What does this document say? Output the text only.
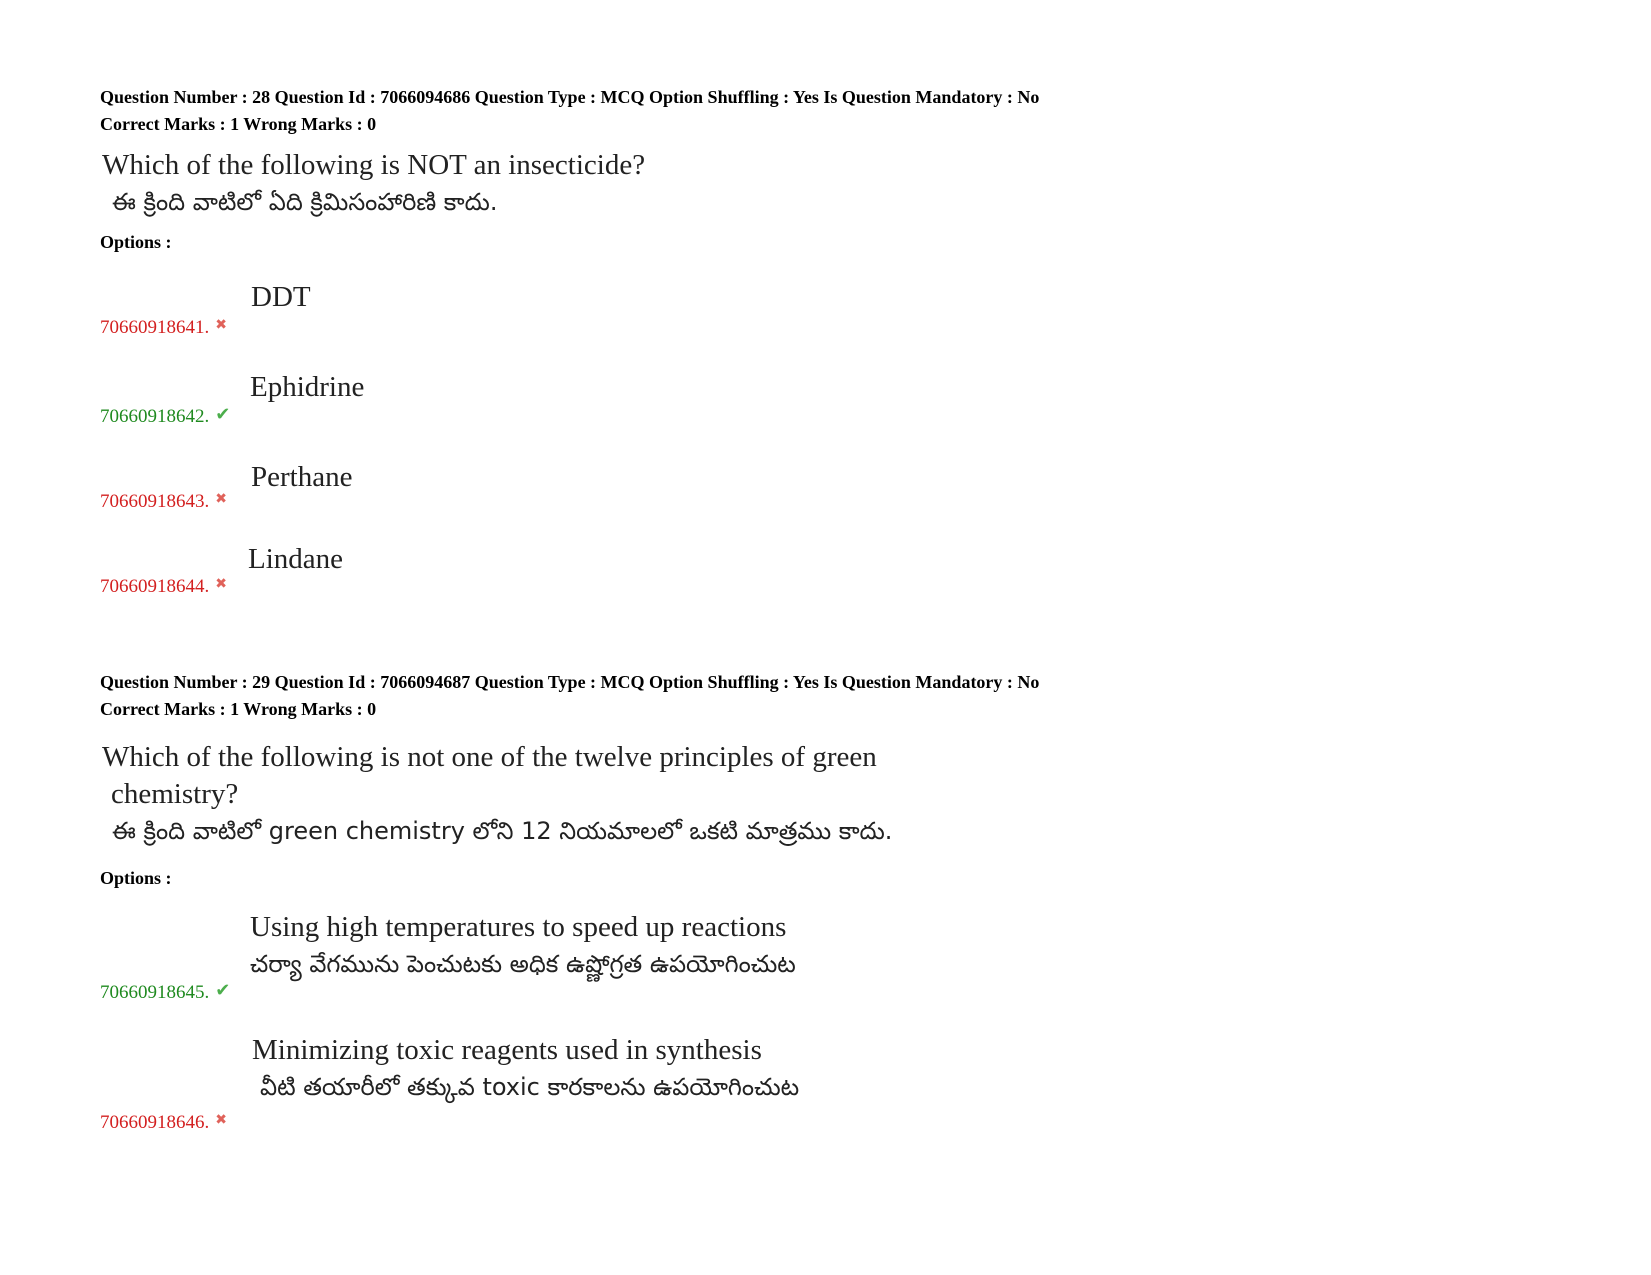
Question Number : 28 Question Id : 7066094686 Question Type : MCQ Option Shuffling : Yes Is Question Mandatory : No
Correct Marks : 1 Wrong Marks : 0
Which of the following is NOT an insecticide?
ఈ క్రింది వాటిలో ఏది క్రిమిసంహారిణి కాదు.
Options :
DDT
70660918641. ✖
Ephidrine
70660918642. ✔
Perthane
70660918643. ✖
Lindane
70660918644. ✖
Question Number : 29 Question Id : 7066094687 Question Type : MCQ Option Shuffling : Yes Is Question Mandatory : No
Correct Marks : 1 Wrong Marks : 0
Which of the following is not one of the twelve principles of green
chemistry?
ఈ క్రింది వాటిలో green chemistry లోని 12 నియమాలలో ఒకటి మాత్రము కాదు.
Options :
Using high temperatures to speed up reactions
చర్యా వేగమును పెంచుటకు అధిక ఉష్ణోగ్రత ఉపయోగించుట
70660918645. ✔
Minimizing toxic reagents used in synthesis
వీటి తయారీలో తక్కువ toxic కారకాలను ఉపయోగించుట
70660918646. ✖
